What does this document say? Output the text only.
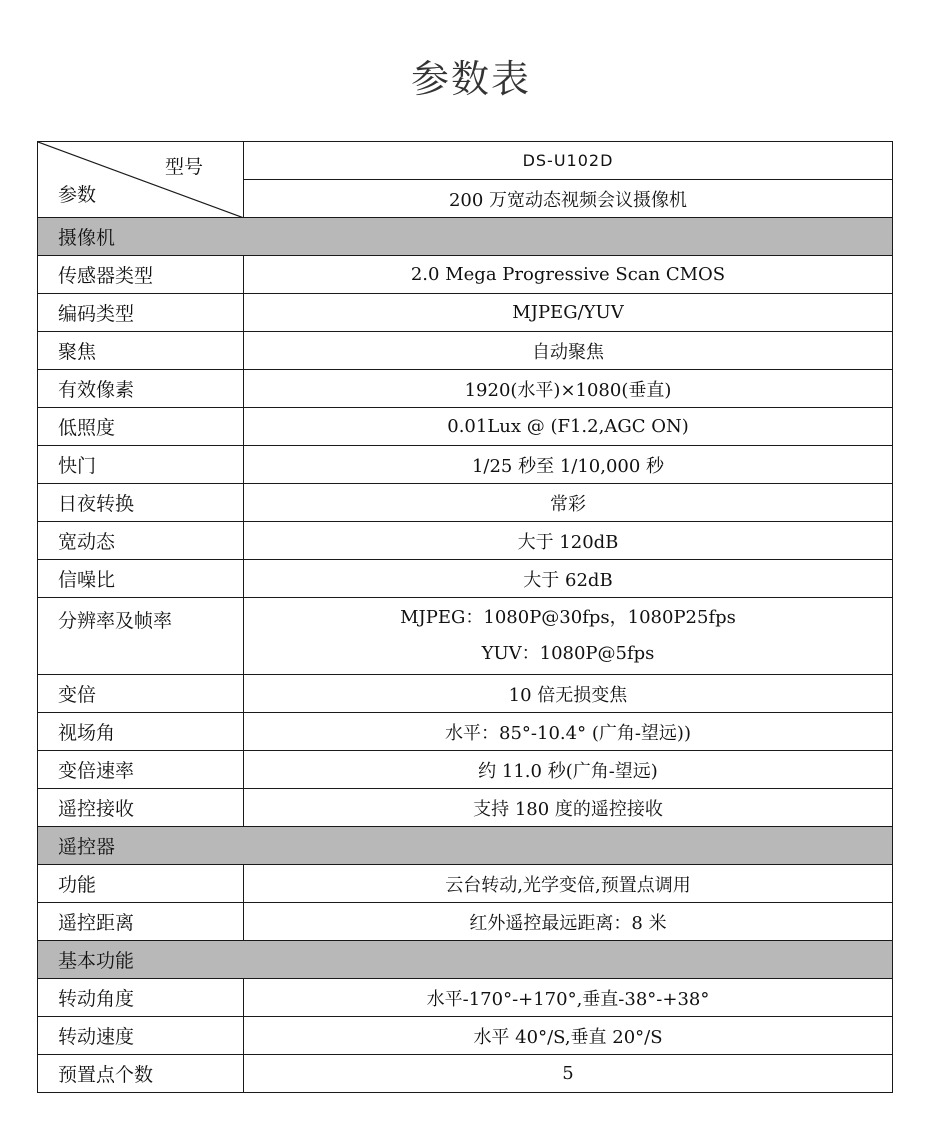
参数表
型号
参数	DS-U102D
	200 万宽动态视频会议摄像机
摄像机	
传感器类型	2.0 Mega Progressive Scan CMOS
编码类型	MJPEG/YUV
聚焦	自动聚焦
有效像素	1920(水平)×1080(垂直)
低照度	0.01Lux @ (F1.2,AGC ON)
快门	1/25 秒至 1/10,000 秒
日夜转换	常彩
宽动态	大于 120dB
信噪比	大于 62dB
分辨率及帧率	MJPEG：1080P@30fps，1080P25fps
YUV：1080P@5fps

变倍	10 倍无损变焦
视场角	水平：85°-10.4° (广角-望远))
变倍速率	约 11.0 秒(广角-望远)
遥控接收	支持 180 度的遥控接收
遥控器	
功能	云台转动,光学变倍,预置点调用
遥控距离	红外遥控最远距离：8 米
基本功能	
转动角度	水平-170°-+170°,垂直-38°-+38°
转动速度	水平 40°/S,垂直 20°/S
预置点个数	5
